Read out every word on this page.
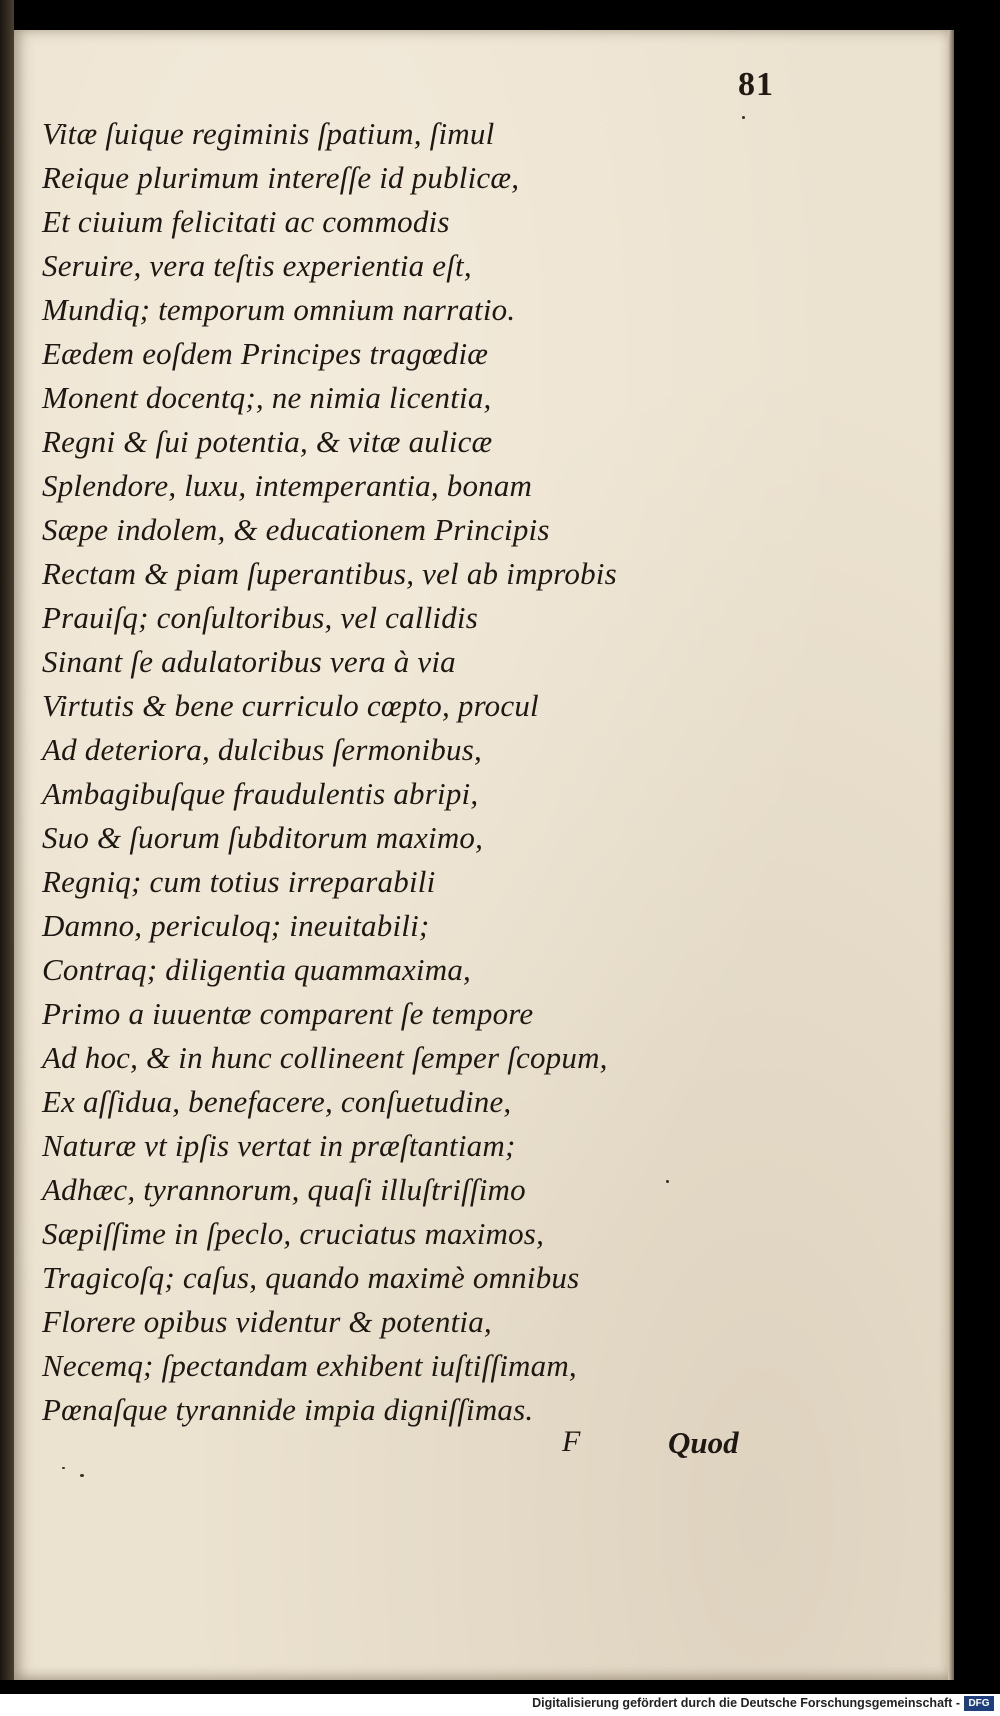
81
Vitæ ſuique regiminis ſpatium, ſimul
Reique plurimum intereſſe id publicæ,
Et ciuium felicitati ac commodis
Seruire, vera teſtis experientia eſt,
Mundiq; temporum omnium narratio.
Eædem eoſdem Principes tragœdiæ
Monent docentq;, ne nimia licentia,
Regni & ſui potentia, & vitæ aulicæ
Splendore, luxu, intemperantia, bonam
Sæpe indolem, & educationem Principis
Rectam & piam ſuperantibus, vel ab improbis
Prauiſq; conſultoribus, vel callidis
Sinant ſe adulatoribus vera à via
Virtutis & bene curriculo cœpto, procul
Ad deteriora, dulcibus ſermonibus,
Ambagibuſque fraudulentis abripi,
Suo & ſuorum ſubditorum maximo,
Regniq; cum totius irreparabili
Damno, periculoq; ineuitabili;
Contraq; diligentia quammaxima,
Primo a iuuentæ comparent ſe tempore
Ad hoc, & in hunc collineent ſemper ſcopum,
Ex aſſidua, benefacere, conſuetudine,
Naturæ vt ipſis vertat in præſtantiam;
Adhæc, tyrannorum, quaſi illuſtriſſimo
Sæpiſſime in ſpeclo, cruciatus maximos,
Tragicoſq; caſus, quando maximè omnibus
Florere opibus videntur & potentia,
Necemq; ſpectandam exhibent iuſtiſſimam,
Pœnaſque tyrannide impia digniſſimas.
F	Quod
Digitalisierung gefördert durch die Deutsche Forschungsgemeinschaft - DFG
